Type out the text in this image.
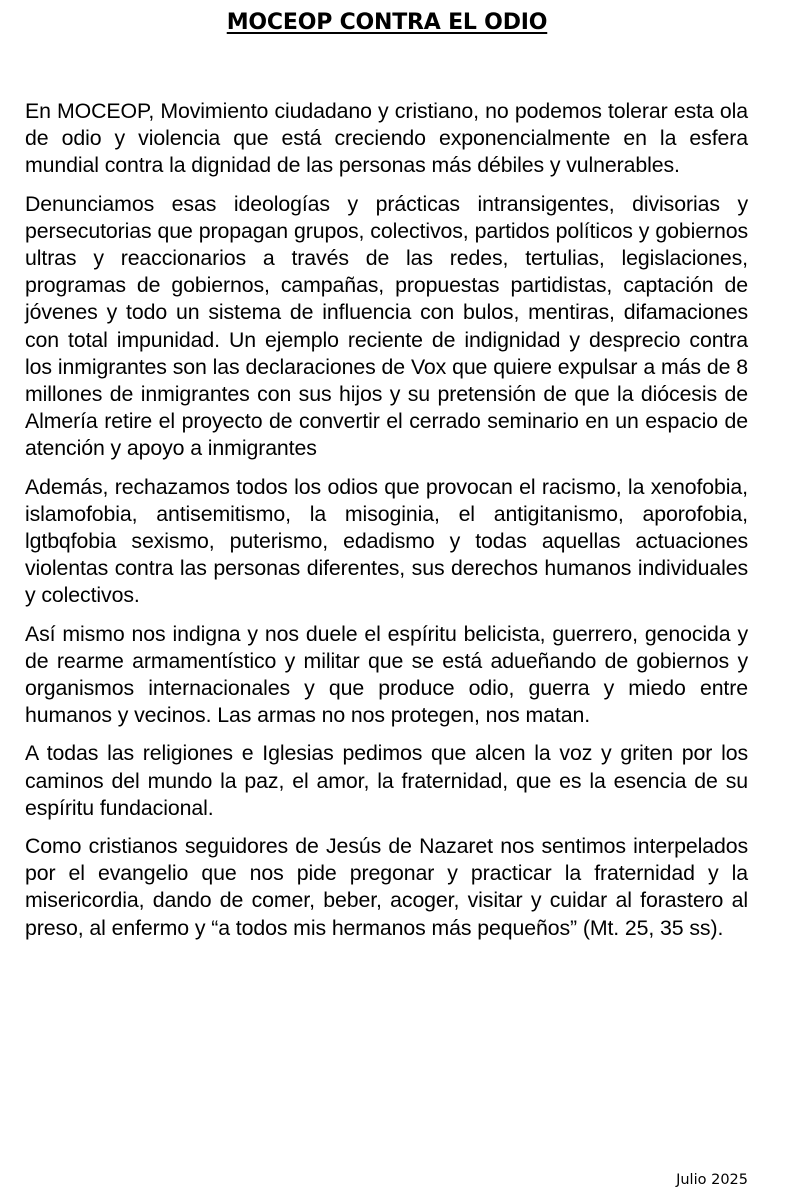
MOCEOP CONTRA EL ODIO

En MOCEOP, Movimiento ciudadano y cristiano, no podemos tolerar esta ola de odio y violencia que está creciendo exponencialmente en la esfera mundial contra la dignidad de las personas más débiles y vulnerables.

Denunciamos esas ideologías y prácticas intransigentes, divisorias y persecutorias que propagan grupos, colectivos, partidos políticos y gobiernos ultras y reaccionarios a través de las redes, tertulias, legislaciones, programas de gobiernos, campañas, propuestas partidistas, captación de jóvenes y todo un sistema de influencia con bulos, mentiras, difamaciones con total impunidad. Un ejemplo reciente de indignidad y desprecio contra los inmigrantes son las declaraciones de Vox que quiere expulsar a más de 8 millones de inmigrantes con sus hijos y su pretensión de que la diócesis de Almería retire el proyecto de convertir el cerrado seminario en un espacio de atención y apoyo a inmigrantes

Además, rechazamos todos los odios que provocan el racismo, la xenofobia, islamofobia, antisemitismo, la misoginia, el antigitanismo, aporofobia, lgtbqfobia sexismo, puterismo, edadismo y todas aquellas actuaciones violentas contra las personas diferentes, sus derechos humanos individuales y colectivos.

Así mismo nos indigna y nos duele el espíritu belicista, guerrero, genocida y de rearme armamentístico y militar que se está adueñando de gobiernos y organismos internacionales y que produce odio, guerra y miedo entre humanos y vecinos. Las armas no nos protegen, nos matan.

A todas las religiones e Iglesias pedimos que alcen la voz y griten por los caminos del mundo la paz, el amor, la fraternidad, que es la esencia de su espíritu fundacional.

Como cristianos seguidores de Jesús de Nazaret nos sentimos interpelados por el evangelio que nos pide pregonar y practicar la fraternidad y la misericordia, dando de comer, beber, acoger, visitar y cuidar al forastero al preso, al enfermo y “a todos mis hermanos más pequeños” (Mt. 25, 35 ss).

Julio 2025
